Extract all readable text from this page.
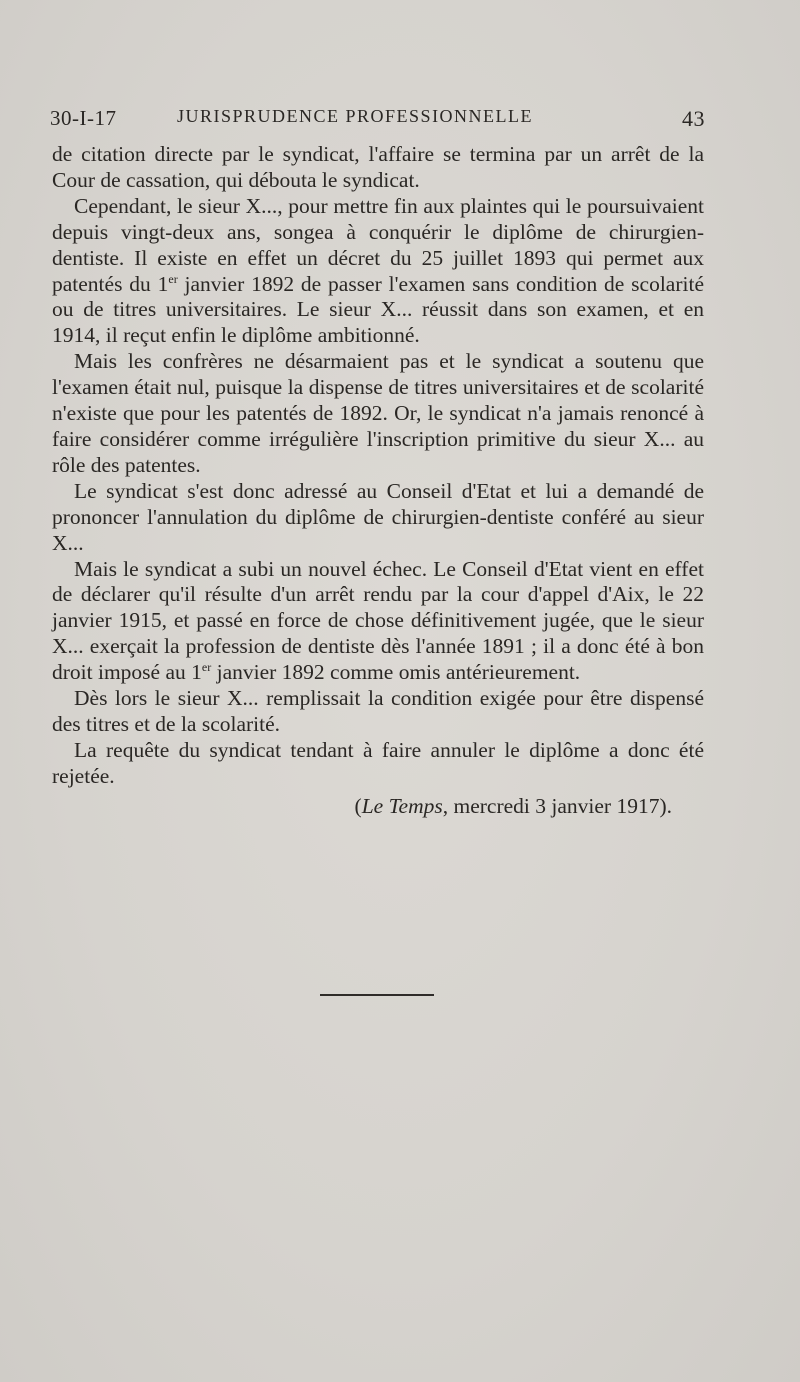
30-I-17	JURISPRUDENCE PROFESSIONNELLE	43

de citation directe par le syndicat, l'affaire se termina par un arrêt de la Cour de cassation, qui débouta le syndicat.

Cependant, le sieur X..., pour mettre fin aux plaintes qui le poursuivaient depuis vingt-deux ans, songea à conquérir le diplôme de chirurgien-dentiste. Il existe en effet un décret du 25 juillet 1893 qui permet aux patentés du 1er janvier 1892 de passer l'examen sans condition de scolarité ou de titres universitaires. Le sieur X... réussit dans son examen, et en 1914, il reçut enfin le diplôme ambitionné.

Mais les confrères ne désarmaient pas et le syndicat a soutenu que l'examen était nul, puisque la dispense de titres universitaires et de scolarité n'existe que pour les patentés de 1892. Or, le syndicat n'a jamais renoncé à faire considérer comme irrégulière l'inscription primitive du sieur X... au rôle des patentes.

Le syndicat s'est donc adressé au Conseil d'Etat et lui a demandé de prononcer l'annulation du diplôme de chirurgien-dentiste conféré au sieur X...

Mais le syndicat a subi un nouvel échec. Le Conseil d'Etat vient en effet de déclarer qu'il résulte d'un arrêt rendu par la cour d'appel d'Aix, le 22 janvier 1915, et passé en force de chose définitivement jugée, que le sieur X... exerçait la profession de dentiste dès l'année 1891 ; il a donc été à bon droit imposé au 1er janvier 1892 comme omis antérieurement.

Dès lors le sieur X... remplissait la condition exigée pour être dispensé des titres et de la scolarité.

La requête du syndicat tendant à faire annuler le diplôme a donc été rejetée.

(Le Temps, mercredi 3 janvier 1917).
